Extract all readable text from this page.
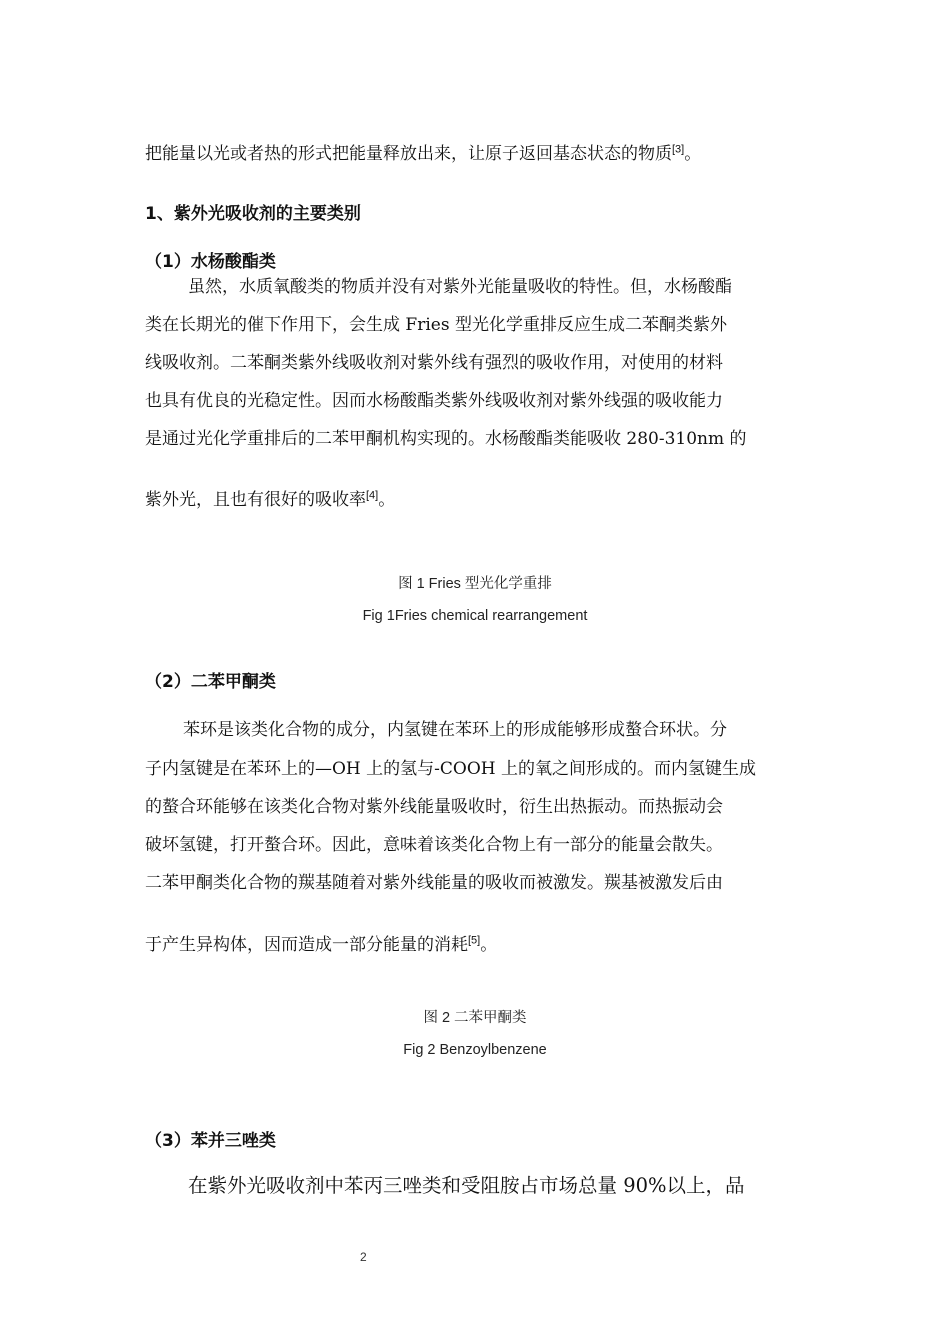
把能量以光或者热的形式把能量释放出来，让原子返回基态状态的物质[3]。
1、紫外光吸收剂的主要类别
（1）水杨酸酯类
虽然，水质氧酸类的物质并没有对紫外光能量吸收的特性。但，水杨酸酯
类在长期光的催下作用下，会生成 Fries 型光化学重排反应生成二苯酮类紫外
线吸收剂。二苯酮类紫外线吸收剂对紫外线有强烈的吸收作用，对使用的材料
也具有优良的光稳定性。因而水杨酸酯类紫外线吸收剂对紫外线强的吸收能力
是通过光化学重排后的二苯甲酮机构实现的。水杨酸酯类能吸收 280-310nm 的
紫外光，且也有很好的吸收率[4]。
图 1 Fries 型光化学重排
Fig 1Fries chemical rearrangement
（2）二苯甲酮类
苯环是该类化合物的成分，内氢键在苯环上的形成能够形成螯合环状。分
子内氢键是在苯环上的—OH 上的氢与-COOH 上的氧之间形成的。而内氢键生成
的螯合环能够在该类化合物对紫外线能量吸收时，衍生出热振动。而热振动会
破坏氢键，打开螯合环。因此，意味着该类化合物上有一部分的能量会散失。
二苯甲酮类化合物的羰基随着对紫外线能量的吸收而被激发。羰基被激发后由
于产生异构体，因而造成一部分能量的消耗[5]。
图 2 二苯甲酮类
Fig 2 Benzoylbenzene
（3）苯并三唑类
在紫外光吸收剂中苯丙三唑类和受阻胺占市场总量 90%以上，品
2
